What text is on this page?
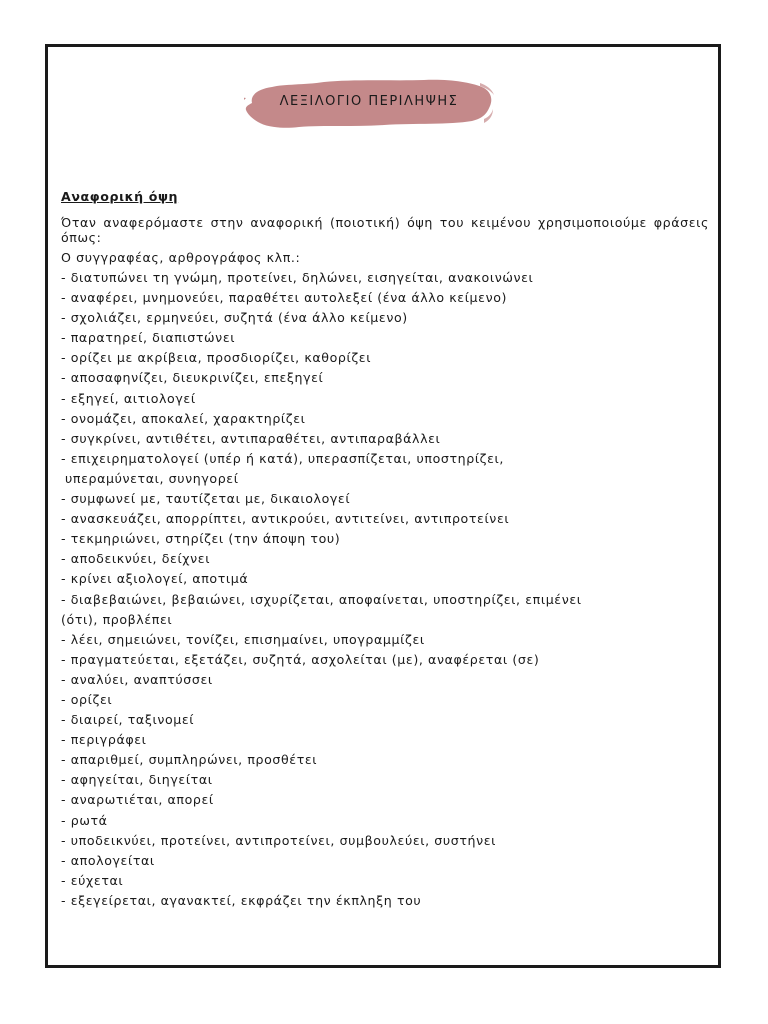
ΛΕΞΙΛΟΓΙΟ ΠΕΡΙΛΗΨΗΣ
Αναφορική όψη
Όταν αναφερόμαστε στην αναφορική (ποιοτική) όψη του κειμένου χρησιμοποιούμε φράσεις όπως:
Ο συγγραφέας, αρθρογράφος κλπ.:
- διατυπώνει τη γνώμη, προτείνει, δηλώνει, εισηγείται, ανακοινώνει
- αναφέρει, μνημονεύει, παραθέτει αυτολεξεί (ένα άλλο κείμενο)
- σχολιάζει, ερμηνεύει, συζητά (ένα άλλο κείμενο)
- παρατηρεί, διαπιστώνει
- ορίζει με ακρίβεια, προσδιορίζει, καθορίζει
- αποσαφηνίζει, διευκρινίζει, επεξηγεί
- εξηγεί, αιτιολογεί
- ονομάζει, αποκαλεί, χαρακτηρίζει
- συγκρίνει, αντιθέτει, αντιπαραθέτει, αντιπαραβάλλει
- επιχειρηματολογεί (υπέρ ή κατά), υπερασπίζεται, υποστηρίζει,
υπεραμύνεται, συνηγορεί
- συμφωνεί με, ταυτίζεται με, δικαιολογεί
- ανασκευάζει, απορρίπτει, αντικρούει, αντιτείνει, αντιπροτείνει
- τεκμηριώνει, στηρίζει (την άποψη του)
- αποδεικνύει, δείχνει
- κρίνει αξιολογεί, αποτιμά
- διαβεβαιώνει, βεβαιώνει, ισχυρίζεται, αποφαίνεται, υποστηρίζει, επιμένει
(ότι), προβλέπει
- λέει, σημειώνει, τονίζει, επισημαίνει, υπογραμμίζει
- πραγματεύεται, εξετάζει, συζητά, ασχολείται (με), αναφέρεται (σε)
- αναλύει, αναπτύσσει
- ορίζει
- διαιρεί, ταξινομεί
- περιγράφει
- απαριθμεί, συμπληρώνει, προσθέτει
- αφηγείται, διηγείται
- αναρωτιέται, απορεί
- ρωτά
- υποδεικνύει, προτείνει, αντιπροτείνει, συμβουλεύει, συστήνει
- απολογείται
- εύχεται
- εξεγείρεται, αγανακτεί, εκφράζει την έκπληξη του
